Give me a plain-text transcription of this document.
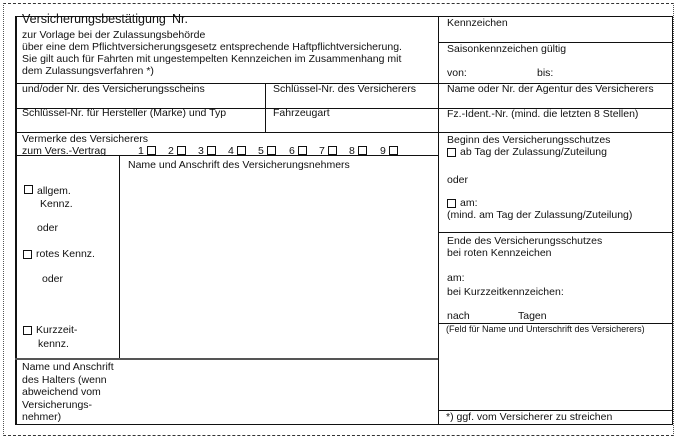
Versicherungsbestätigung Nr.
zur Vorlage bei der Zulassungsbehörde
über eine dem Pflichtversicherungsgesetz entsprechende Haftpflichtversicherung.
Sie gilt auch für Fahrten mit ungestempelten Kennzeichen im Zusammenhang mit
dem Zulassungsverfahren *)
und/oder Nr. des Versicherungsscheins	Schlüssel-Nr. des Versicherers
Schlüssel-Nr. für Hersteller (Marke) und Typ	Fahrzeugart
Vermerke des Versicherers
zum Vers.-Vertrag	1	2	3	4	5	6	7	8	9
Name und Anschrift des Versicherungsnehmers
allgem.
Kennz.
oder
rotes Kennz.
oder
Kurzzeit-
kennz.
Name und Anschrift
des Halters (wenn
abweichend vom
Versicherungs-
nehmer)
Kennzeichen
Saisonkennzeichen gültig
von:	bis:
Name oder Nr. der Agentur des Versicherers
Fz.-Ident.-Nr. (mind. die letzten 8 Stellen)
Beginn des Versicherungsschutzes
ab Tag der Zulassung/Zuteilung
oder
am:
(mind. am Tag der Zulassung/Zuteilung)
Ende des Versicherungsschutzes
bei roten Kennzeichen
am:
bei Kurzzeitkennzeichen:
nach	Tagen
(Feld für Name und Unterschrift des Versicherers)
*) ggf. vom Versicherer zu streichen
